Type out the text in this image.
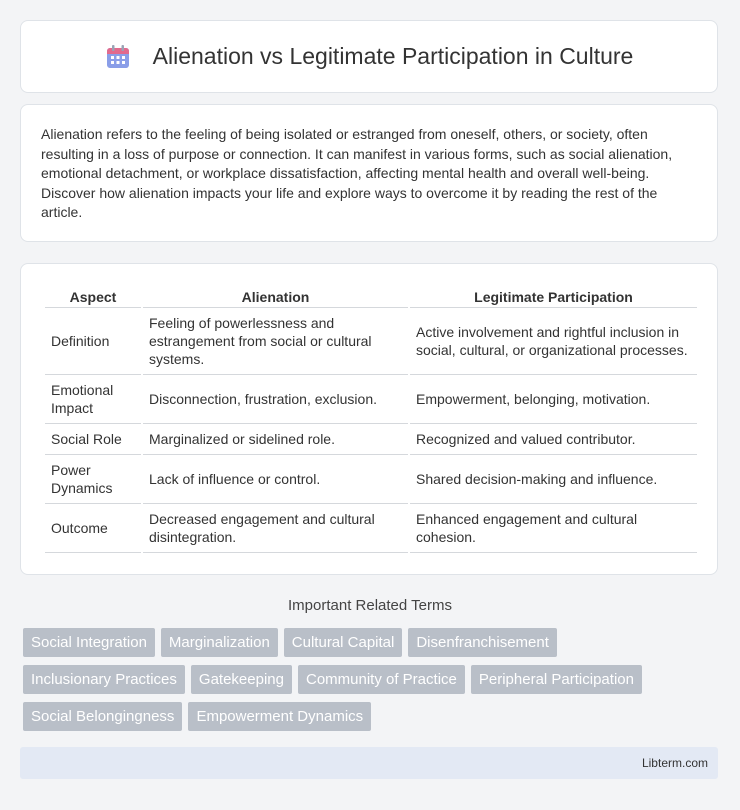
Alienation vs Legitimate Participation in Culture

Alienation refers to the feeling of being isolated or estranged from oneself, others, or society, often resulting in a loss of purpose or connection. It can manifest in various forms, such as social alienation, emotional detachment, or workplace dissatisfaction, affecting mental health and overall well-being. Discover how alienation impacts your life and explore ways to overcome it by reading the rest of the article.

Aspect	Alienation	Legitimate Participation
Definition	Feeling of powerlessness and estrangement from social or cultural systems.	Active involvement and rightful inclusion in social, cultural, or organizational processes.
Emotional Impact	Disconnection, frustration, exclusion.	Empowerment, belonging, motivation.
Social Role	Marginalized or sidelined role.	Recognized and valued contributor.
Power Dynamics	Lack of influence or control.	Shared decision-making and influence.
Outcome	Decreased engagement and cultural disintegration.	Enhanced engagement and cultural cohesion.
Important Related Terms
Social Integration	Marginalization	Cultural Capital	Disenfranchisement
Inclusionary Practices	Gatekeeping	Community of Practice	Peripheral Participation
Social Belongingness	Empowerment Dynamics
Libterm.com
